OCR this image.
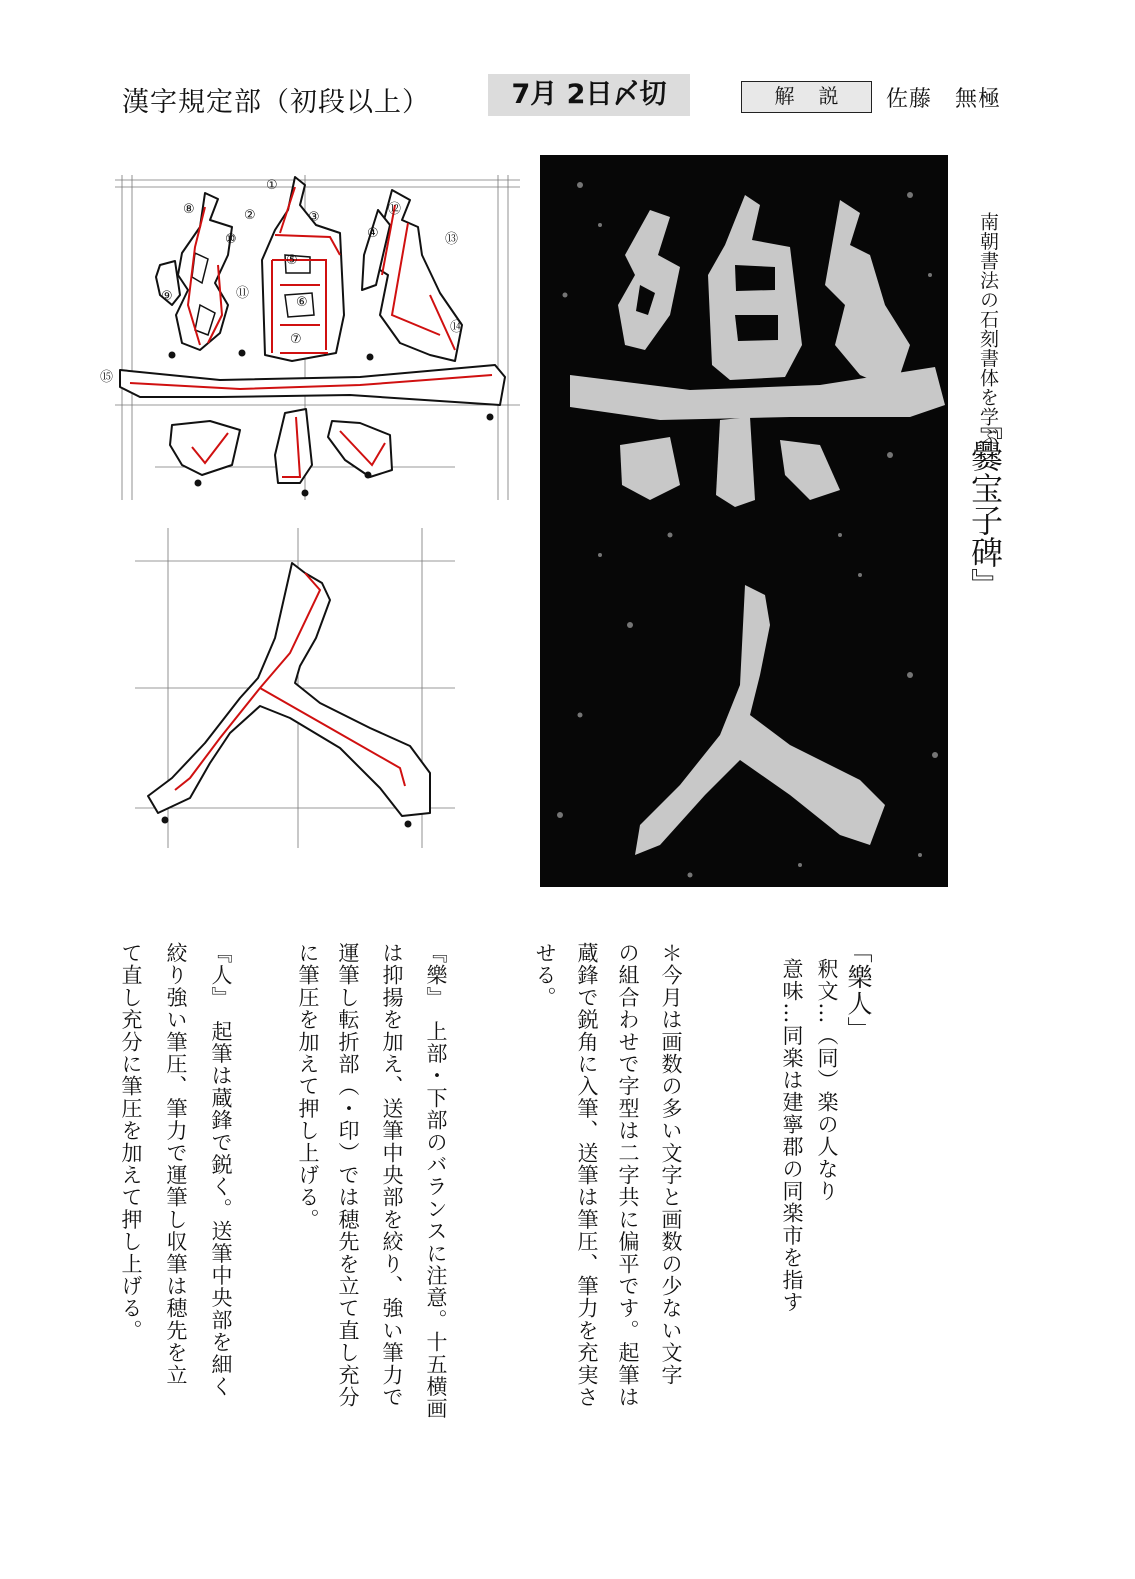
漢字規定部（初段以上）	7月 2日〆切	解説	佐藤　無極
①
②	③
④
⑤
⑥
⑦
⑧
⑨
⑩
⑪
⑫
⑬
⑭
⑮	南朝書法の石刻書体を学ぶ
『爨宝子碑』
「樂人」
釈文…（同）楽の人なり
意味…同楽は建寧郡の同楽市を指す
＊今月は画数の多い文字と画数の少ない文字
の組合わせで字型は二字共に偏平です。起筆は
蔵鋒で鋭角に入筆、送筆は筆圧、筆力を充実さ
せる。
『樂』　上部・下部のバランスに注意。十五横画
は抑揚を加え、送筆中央部を絞り、強い筆力で
運筆し転折部（・印）では穂先を立て直し充分
に筆圧を加えて押し上げる。
『人』　起筆は蔵鋒で鋭く。送筆中央部を細く
絞り強い筆圧、筆力で運筆し収筆は穂先を立
て直し充分に筆圧を加えて押し上げる。
